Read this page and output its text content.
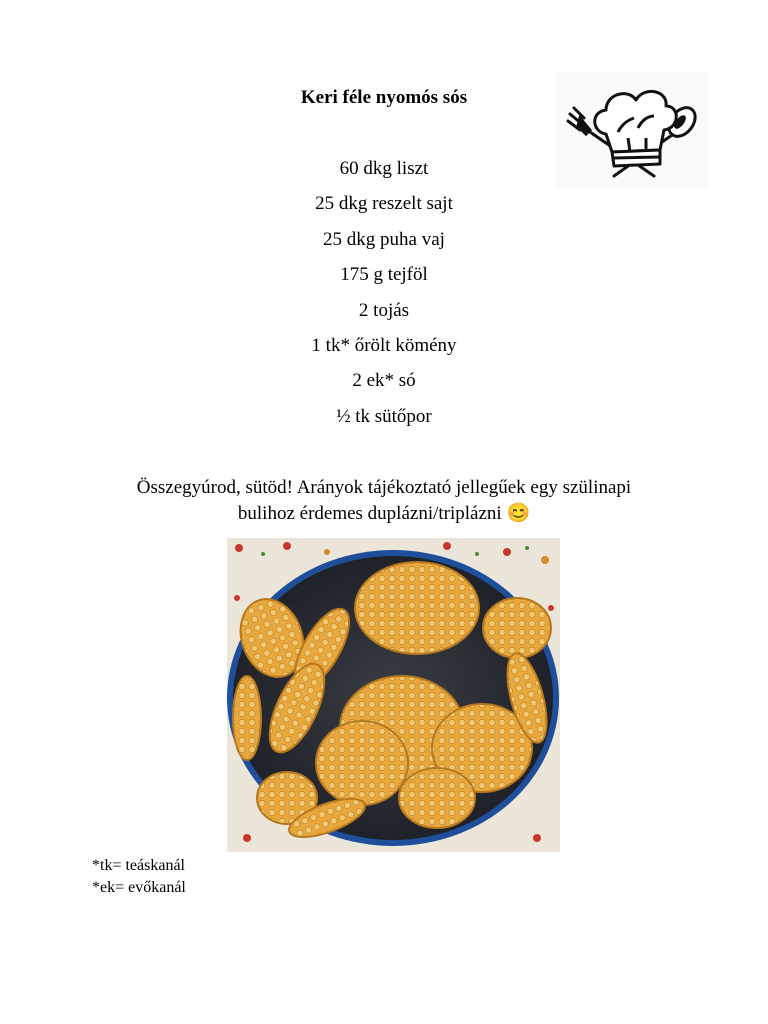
Keri féle nyomós sós
60 dkg liszt
25 dkg reszelt sajt
25 dkg puha vaj
175 g tejföl
2 tojás
1 tk* őrölt kömény
2 ek* só
½ tk sütőpor
Összegyúrod, sütöd! Arányok tájékoztató jellegűek egy szülinapi
bulihoz érdemes duplázni/triplázni 😊
*tk= teáskanál
*ek= evőkanál
